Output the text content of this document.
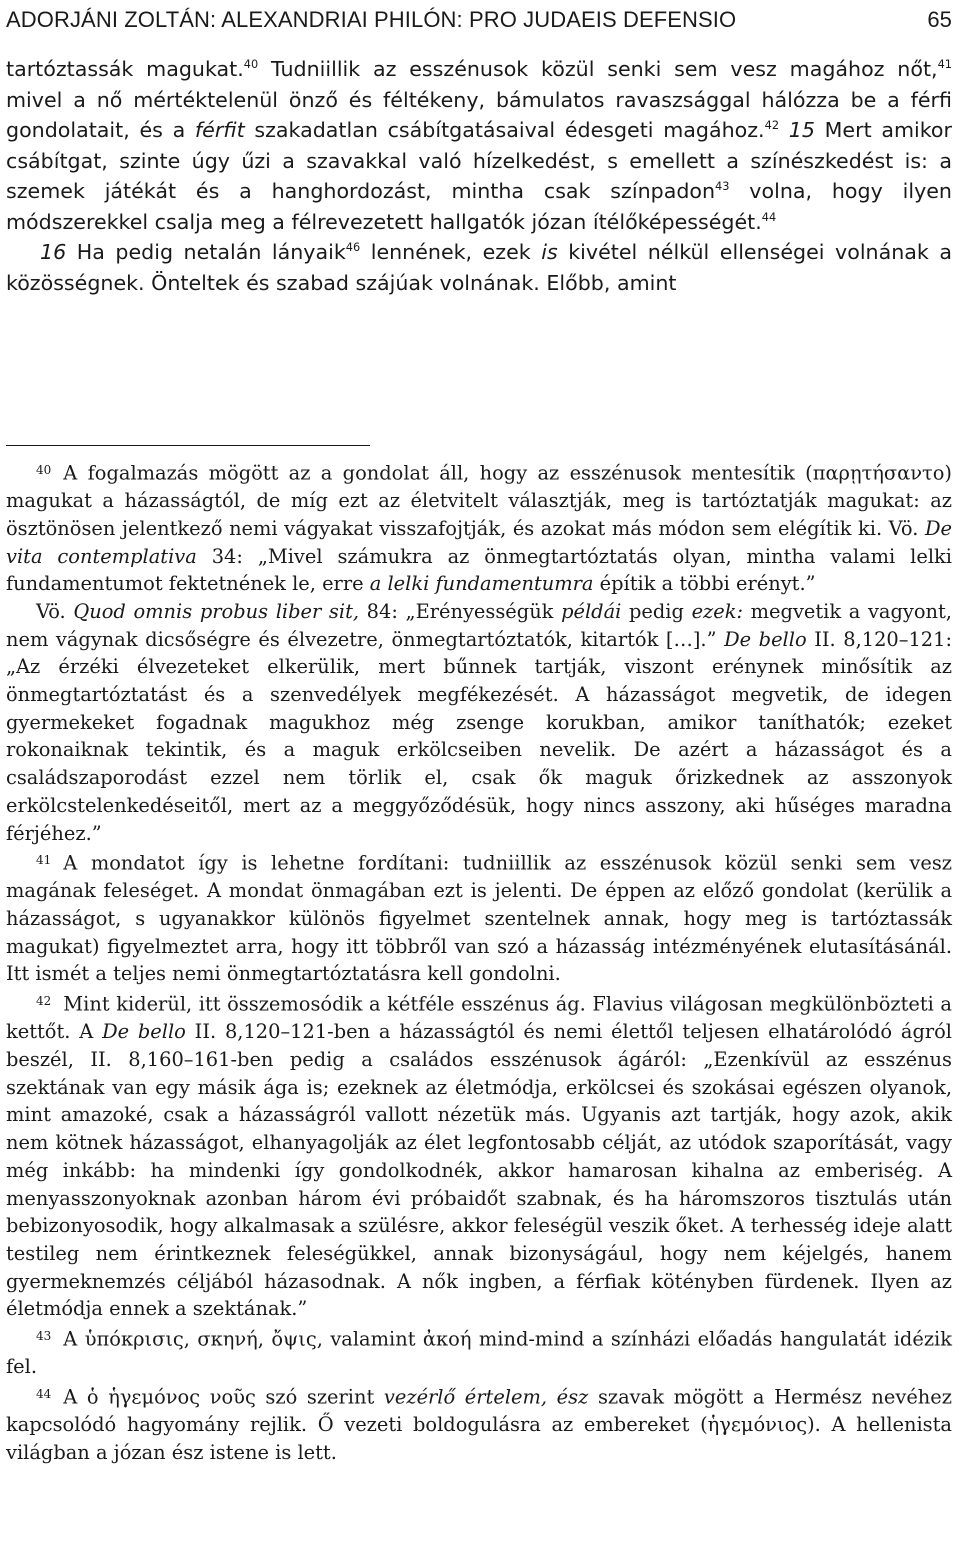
ADORJÁNI ZOLTÁN: ALEXANDRIAI PHILÓN: PRO JUDAEIS DEFENSIO	65

tartóztassák magukat.$^{40}$ Tudniillik az esszénusok közül senki sem vesz magához nőt,$^{41}$ mivel a nő mértéktelenül önző és féltékeny, bámulatos ravaszsággal hálózza be a férfi gondolatait, és a férfit szakadatlan csábítgatásaival édesgeti magához.$^{42}$ 15 Mert amikor csábítgat, szinte úgy űzi a szavakkal való hízelkedést, s emellett a színészkedést is: a szemek játékát és a hanghordozást, mintha csak színpadon$^{43}$ volna, hogy ilyen módszerekkel csalja meg a félrevezetett hallgatók józan ítélőképességét.$^{44}$

16 Ha pedig netalán lányaik$^{46}$ lennének, ezek is kivétel nélkül ellenségei volnának a közösségnek. Önteltek és szabad szájúak volnának. Előbb, amint

$^{40}$ A fogalmazás mögött az a gondolat áll, hogy az esszénusok mentesítik (παρῃτήσαντο) magukat a házasságtól, de míg ezt az életvitelt választják, meg is tartóztatják magukat: az ösztönösen jelentkező nemi vágyakat visszafojtják, és azokat más módon sem elégítik ki. Vö. De vita contemplativa 34: „Mivel számukra az önmegtartóztatás olyan, mintha valami lelki fundamentumot fektetnének le, erre a lelki fundamentumra építik a többi erényt.”

Vö. Quod omnis probus liber sit, 84: „Erényességük példái pedig ezek: megvetik a vagyont, nem vágynak dicsőségre és élvezetre, önmegtartóztatók, kitartók […].” De bello II. 8,120–121: „Az érzéki élvezeteket elkerülik, mert bűnnek tartják, viszont erénynek minősítik az önmegtartóztatást és a szenvedélyek megfékezését. A házasságot megvetik, de idegen gyermekeket fogadnak magukhoz még zsenge korukban, amikor taníthatók; ezeket rokonaiknak tekintik, és a maguk erkölcseiben nevelik. De azért a házasságot és a családszaporodást ezzel nem törlik el, csak ők maguk őrizkednek az asszonyok erkölcstelenkedéseitől, mert az a meggyőződésük, hogy nincs asszony, aki hűséges maradna férjéhez.”

$^{41}$ A mondatot így is lehetne fordítani: tudniillik az esszénusok közül senki sem vesz magának feleséget. A mondat önmagában ezt is jelenti. De éppen az előző gondolat (kerülik a házasságot, s ugyanakkor különös figyelmet szentelnek annak, hogy meg is tartóztassák magukat) figyelmeztet arra, hogy itt többről van szó a házasság intézményének elutasításánál. Itt ismét a teljes nemi önmegtartóztatásra kell gondolni.

$^{42}$ Mint kiderül, itt összemosódik a kétféle esszénus ág. Flavius világosan megkülönbözteti a kettőt. A De bello II. 8,120–121-ben a házasságtól és nemi élettől teljesen elhatárolódó ágról beszél, II. 8,160–161-ben pedig a családos esszénusok ágáról: „Ezenkívül az esszénus szektának van egy másik ága is; ezeknek az életmódja, erkölcsei és szokásai egészen olyanok, mint amazoké, csak a házasságról vallott nézetük más. Ugyanis azt tartják, hogy azok, akik nem kötnek házasságot, elhanyagolják az élet legfontosabb célját, az utódok szaporítását, vagy még inkább: ha mindenki így gondolkodnék, akkor hamarosan kihalna az emberiség. A menyasszonyoknak azonban három évi próbaidőt szabnak, és ha háromszoros tisztulás után bebizonyosodik, hogy alkalmasak a szülésre, akkor feleségül veszik őket. A terhesség ideje alatt testileg nem érintkeznek feleségükkel, annak bizonyságául, hogy nem kéjelgés, hanem gyermeknemzés céljából házasodnak. A nők ingben, a férfiak kötényben fürdenek. Ilyen az életmódja ennek a szektának.”

$^{43}$ A ὑπόκρισις, σκηνή, ὄψις, valamint ἀκοή mind-mind a színházi előadás hangulatát idézik fel.

$^{44}$ A ὁ ἡγεμόνος νοῦς szó szerint vezérlő értelem, ész szavak mögött a Hermész nevéhez kapcsolódó hagyomány rejlik. Ő vezeti boldogulásra az embereket (ἡγεμόνιος). A hellenista világban a józan ész istene is lett.
